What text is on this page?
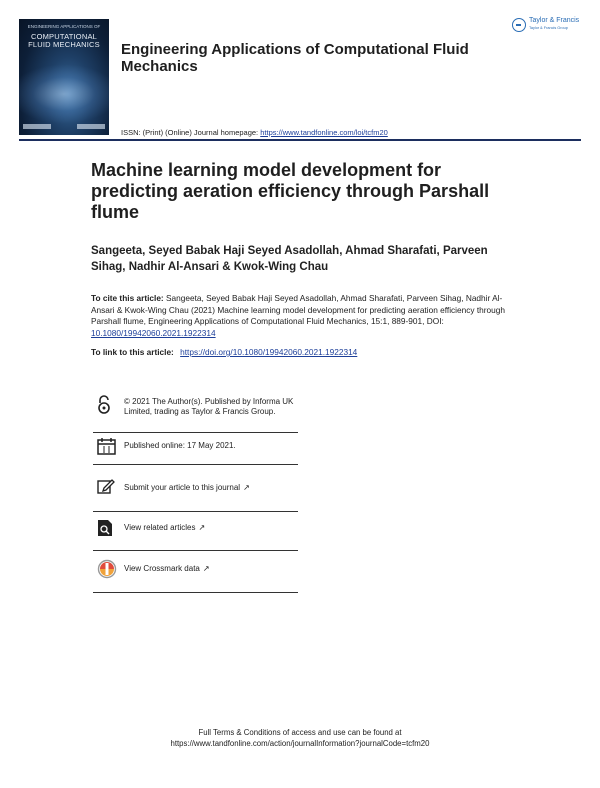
ENGINEERING APPLICATIONS OF
COMPUTATIONAL FLUID MECHANICS	Engineering Applications of Computational Fluid Mechanics
ISSN: (Print) (Online) Journal homepage: https://www.tandfonline.com/loi/tcfm20
Taylor & Francis
Taylor & Francis Group
Machine learning model development for predicting aeration efficiency through Parshall flume
Sangeeta, Seyed Babak Haji Seyed Asadollah, Ahmad Sharafati, Parveen Sihag, Nadhir Al-Ansari & Kwok-Wing Chau
To cite this article: Sangeeta, Seyed Babak Haji Seyed Asadollah, Ahmad Sharafati, Parveen Sihag, Nadhir Al-Ansari & Kwok-Wing Chau (2021) Machine learning model development for predicting aeration efficiency through Parshall flume, Engineering Applications of Computational Fluid Mechanics, 15:1, 889-901, DOI: 10.1080/19942060.2021.1922314
To link to this article: https://doi.org/10.1080/19942060.2021.1922314
© 2021 The Author(s). Published by Informa UK Limited, trading as Taylor & Francis Group.
Published online: 17 May 2021.
Submit your article to this journal ↗
View related articles ↗
View Crossmark data ↗
Full Terms & Conditions of access and use can be found at
https://www.tandfonline.com/action/journalInformation?journalCode=tcfm20
